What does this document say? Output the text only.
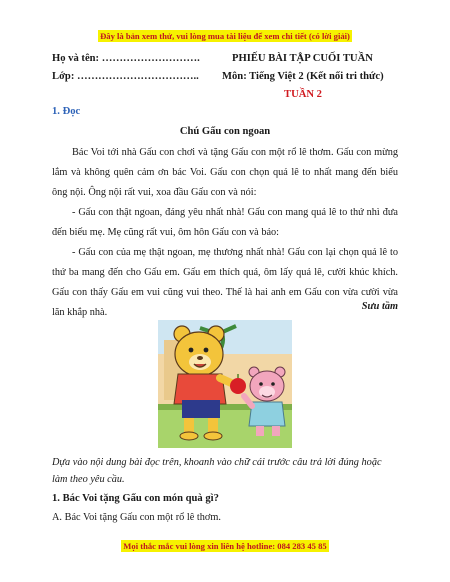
Đây là bản xem thử, vui lòng mua tài liệu để xem chi tiết (có lời giải)
Họ và tên: ……………………….
Lớp: ……………………………..
PHIẾU BÀI TẬP CUỐI TUẦN
Môn: Tiếng Việt 2 (Kết nối tri thức)
TUẦN 2
1. Đọc
Chú Gấu con ngoan
Bác Voi tới nhà Gấu con chơi và tặng Gấu con một rổ lê thơm. Gấu con mừng lắm và không quên cảm ơn bác Voi. Gấu con chọn quả lê to nhất mang đến biếu ông nội. Ông nội rất vui, xoa đầu Gấu con và nói:
- Gấu con thật ngoan, đáng yêu nhất nhà! Gấu con mang quả lê to thứ nhì đưa đến biếu mẹ. Mẹ cũng rất vui, ôm hôn Gấu con và bảo:
- Gấu con của mẹ thật ngoan, mẹ thương nhất nhà! Gấu con lại chọn quả lê to thứ ba mang đến cho Gấu em. Gấu em thích quá, ôm lấy quả lê, cười khúc khích. Gấu con thấy Gấu em vui cũng vui theo. Thế là hai anh em Gấu con vừa cười vừa lăn khắp nhà.
Sưu tầm
Dựa vào nội dung bài đọc trên, khoanh vào chữ cái trước câu trả lời đúng hoặc làm theo yêu cầu.
1. Bác Voi tặng Gấu con món quà gì?
A. Bác Voi tặng Gấu con một rổ lê thơm.
Mọi thắc mắc vui lòng xin liên hệ hotline: 084 283 45 85
